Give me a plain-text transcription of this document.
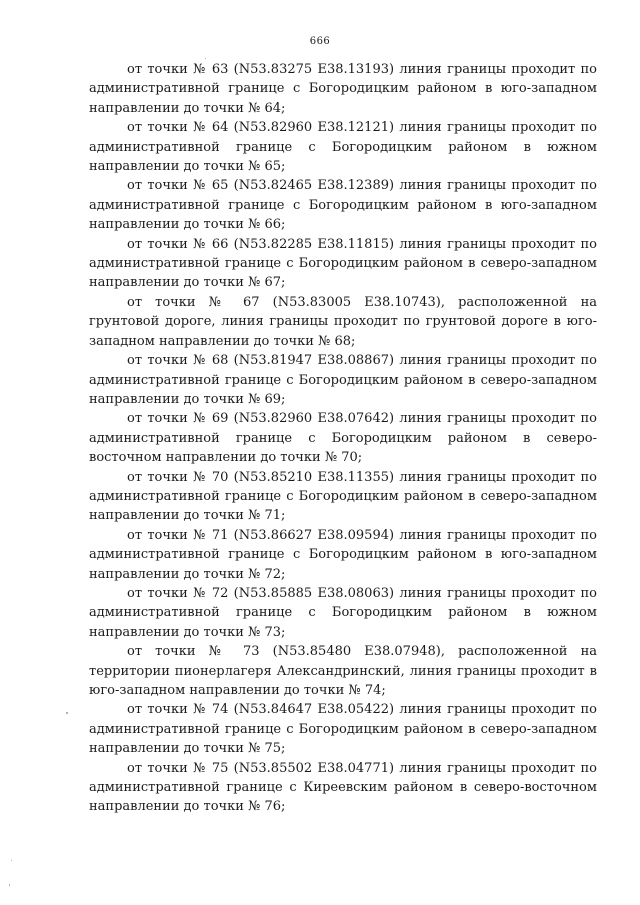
666

от точки № 63 (N53.83275 E38.13193) линия границы проходит по административной границе с Богородицким районом в юго-западном направлении до точки № 64;

от точки № 64 (N53.82960 E38.12121) линия границы проходит по административной границе с Богородицким районом в южном направлении до точки № 65;

от точки № 65 (N53.82465 E38.12389) линия границы проходит по административной границе с Богородицким районом в юго-западном направлении до точки № 66;

от точки № 66 (N53.82285 E38.11815) линия границы проходит по административной границе с Богородицким районом в северо-западном направлении до точки № 67;

от точки № 67 (N53.83005 E38.10743), расположенной на грунтовой дороге, линия границы проходит по грунтовой дороге в юго-западном направлении до точки № 68;

от точки № 68 (N53.81947 E38.08867) линия границы проходит по административной границе с Богородицким районом в северо-западном направлении до точки № 69;

от точки № 69 (N53.82960 E38.07642) линия границы проходит по административной границе с Богородицким районом в северо-восточном направлении до точки № 70;

от точки № 70 (N53.85210 E38.11355) линия границы проходит по административной границе с Богородицким районом в северо-западном направлении до точки № 71;

от точки № 71 (N53.86627 E38.09594) линия границы проходит по административной границе с Богородицким районом в юго-западном направлении до точки № 72;

от точки № 72 (N53.85885 E38.08063) линия границы проходит по административной границе с Богородицким районом в южном направлении до точки № 73;

от точки № 73 (N53.85480 E38.07948), расположенной на территории пионерлагеря Александринский, линия границы проходит в юго-западном направлении до точки № 74;

от точки № 74 (N53.84647 E38.05422) линия границы проходит по административной границе с Богородицким районом в северо-западном направлении до точки № 75;

от точки № 75 (N53.85502 E38.04771) линия границы проходит по административной границе с Киреевским районом в северо-восточном направлении до точки № 76;
